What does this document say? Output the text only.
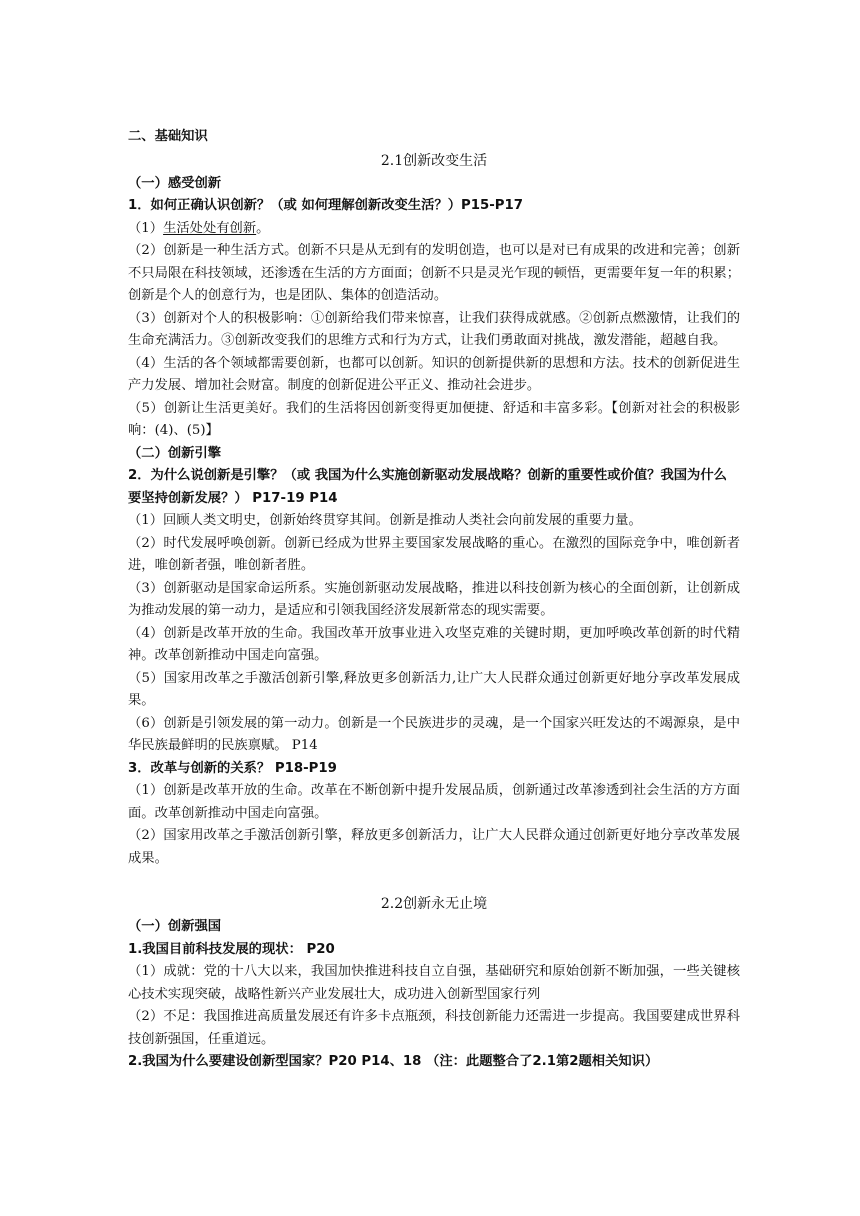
二、基础知识

2.1创新改变生活

（一）感受创新

1．如何正确认识创新？（或 如何理解创新改变生活？）P15-P17

（1）生活处处有创新。

（2）创新是一种生活方式。创新不只是从无到有的发明创造，也可以是对已有成果的改进和完善；创新不只局限在科技领域，还渗透在生活的方方面面；创新不只是灵光乍现的顿悟，更需要年复一年的积累；创新是个人的创意行为，也是团队、集体的创造活动。

（3）创新对个人的积极影响：①创新给我们带来惊喜，让我们获得成就感。②创新点燃激情，让我们的生命充满活力。③创新改变我们的思维方式和行为方式，让我们勇敢面对挑战，激发潜能，超越自我。

（4）生活的各个领域都需要创新，也都可以创新。知识的创新提供新的思想和方法。技术的创新促进生产力发展、增加社会财富。制度的创新促进公平正义、推动社会进步。

（5）创新让生活更美好。我们的生活将因创新变得更加便捷、舒适和丰富多彩。【创新对社会的积极影响：(4)、(5)】

（二）创新引擎

2．为什么说创新是引擎？（或 我国为什么实施创新驱动发展战略？创新的重要性或价值？我国为什么要坚持创新发展？） P17-19 P14

（1）回顾人类文明史，创新始终贯穿其间。创新是推动人类社会向前发展的重要力量。

（2）时代发展呼唤创新。创新已经成为世界主要国家发展战略的重心。在激烈的国际竞争中，唯创新者进，唯创新者强，唯创新者胜。

（3）创新驱动是国家命运所系。实施创新驱动发展战略，推进以科技创新为核心的全面创新，让创新成为推动发展的第一动力，是适应和引领我国经济发展新常态的现实需要。

（4）创新是改革开放的生命。我国改革开放事业进入攻坚克难的关键时期，更加呼唤改革创新的时代精神。改革创新推动中国走向富强。

（5）国家用改革之手激活创新引擎,释放更多创新活力,让广大人民群众通过创新更好地分享改革发展成果。

（6）创新是引领发展的第一动力。创新是一个民族进步的灵魂，是一个国家兴旺发达的不竭源泉，是中华民族最鲜明的民族禀赋。 P14

3．改革与创新的关系？ P18-P19

（1）创新是改革开放的生命。改革在不断创新中提升发展品质，创新通过改革渗透到社会生活的方方面面。改革创新推动中国走向富强。

（2）国家用改革之手激活创新引擎，释放更多创新活力，让广大人民群众通过创新更好地分享改革发展成果。

2.2创新永无止境

（一）创新强国

1.我国目前科技发展的现状： P20

（1）成就：党的十八大以来，我国加快推进科技自立自强，基础研究和原始创新不断加强，一些关键核心技术实现突破，战略性新兴产业发展壮大，成功进入创新型国家行列

（2）不足：我国推进高质量发展还有许多卡点瓶颈，科技创新能力还需进一步提高。我国要建成世界科技创新强国，任重道远。

2.我国为什么要建设创新型国家？P20 P14、18 （注：此题整合了2.1第2题相关知识）
